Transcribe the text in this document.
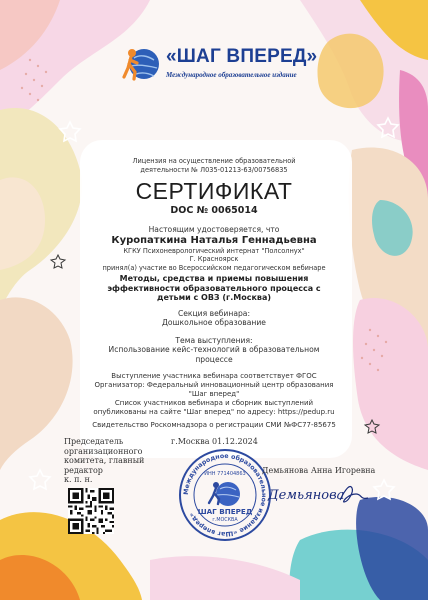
«ШАГ ВПЕРЕД»
Международное образовательное издание
Лицензия на осуществление образовательной
деятельности № Л035-01213-63/00756835
СЕРТИФИКАТ
DOC № 0065014
Настоящим удостоверяется, что
Куропаткина Наталья Геннадьевна
КГКУ Психоневрологический интернат "Полсолнух"
Г. Красноярск
принял(а) участие во Всероссийском педагогическом вебинаре
Методы, средства и приемы повышения
эффективности образовательного процесса с
детьми с ОВЗ (г.Москва)
Секция вебинара:
Дошкольное образование
Тема выступления:
Использование кейс-технологий в образовательном
процессе
Выступление участника вебинара соответствует ФГОС
Организатор: Федеральный инновационный центр образования
"Шаг вперед"
Список участников вебинара и сборник выступлений
опубликованы на сайте "Шаг вперед" по адресу: https://pedup.ru
Свидетельство Роскомнадзора о регистрации СМИ №ФС77-85675
Председатель
организационного
комитета, главный редактор
к. п. н.
г.Москва 01.12.2024
Международное образовательное издание «Шаг вперед»
ИНН 771404863
ШАГ ВПЕРЕД
г.МОСКВА
Демьянова Анна Игоревна
Демьянова
